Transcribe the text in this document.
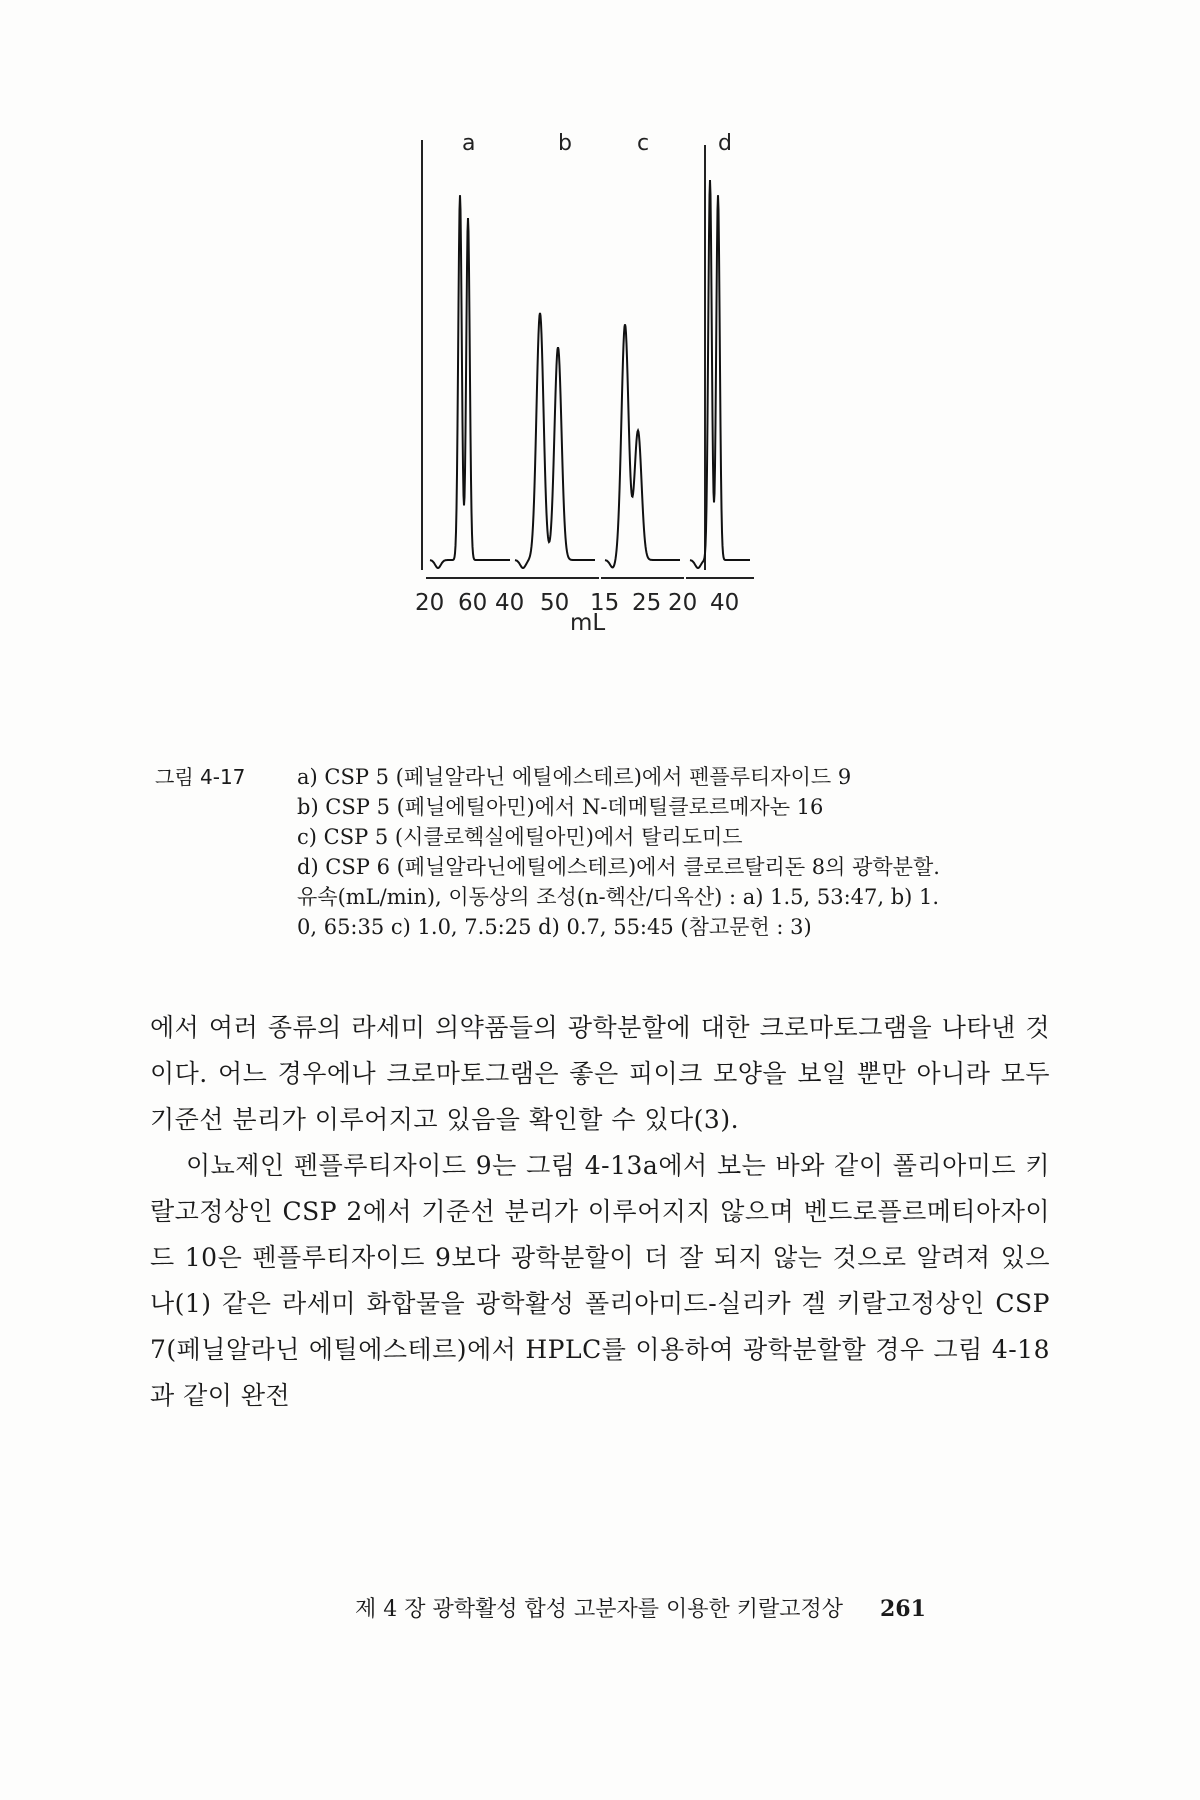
a
20 60
b
40 50
c
15 25
d
20 40
mL
그림 4-17	a) CSP 5 (페닐알라닌 에틸에스테르)에서 펜플루티자이드 9
b) CSP 5 (페닐에틸아민)에서 N-데메틸클로르메자논 16
c) CSP 5 (시클로헥실에틸아민)에서 탈리도미드
d) CSP 6 (페닐알라닌에틸에스테르)에서 클로르탈리돈 8의 광학분할.
유속(mL/min), 이동상의 조성(n-헥산/디옥산) : a) 1.5, 53:47, b) 1.
0, 65:35 c) 1.0, 7.5:25 d) 0.7, 55:45 (참고문헌 : 3)

에서 여러 종류의 라세미 의약품들의 광학분할에 대한 크로마토그램을 나타낸 것이다. 어느 경우에나 크로마토그램은 좋은 피이크 모양을 보일 뿐만 아니라 모두 기준선 분리가 이루어지고 있음을 확인할 수 있다(3).

이뇨제인 펜플루티자이드 9는 그림 4-13a에서 보는 바와 같이 폴리아미드 키랄고정상인 CSP 2에서 기준선 분리가 이루어지지 않으며 벤드로플르메티아자이드 10은 펜플루티자이드 9보다 광학분할이 더 잘 되지 않는 것으로 알려져 있으나(1) 같은 라세미 화합물을 광학활성 폴리아미드-실리카 겔 키랄고정상인 CSP 7(페닐알라닌 에틸에스테르)에서 HPLC를 이용하여 광학분할할 경우 그림 4-18과 같이 완전

제 4 장 광학활성 합성 고분자를 이용한 키랄고정상 261
